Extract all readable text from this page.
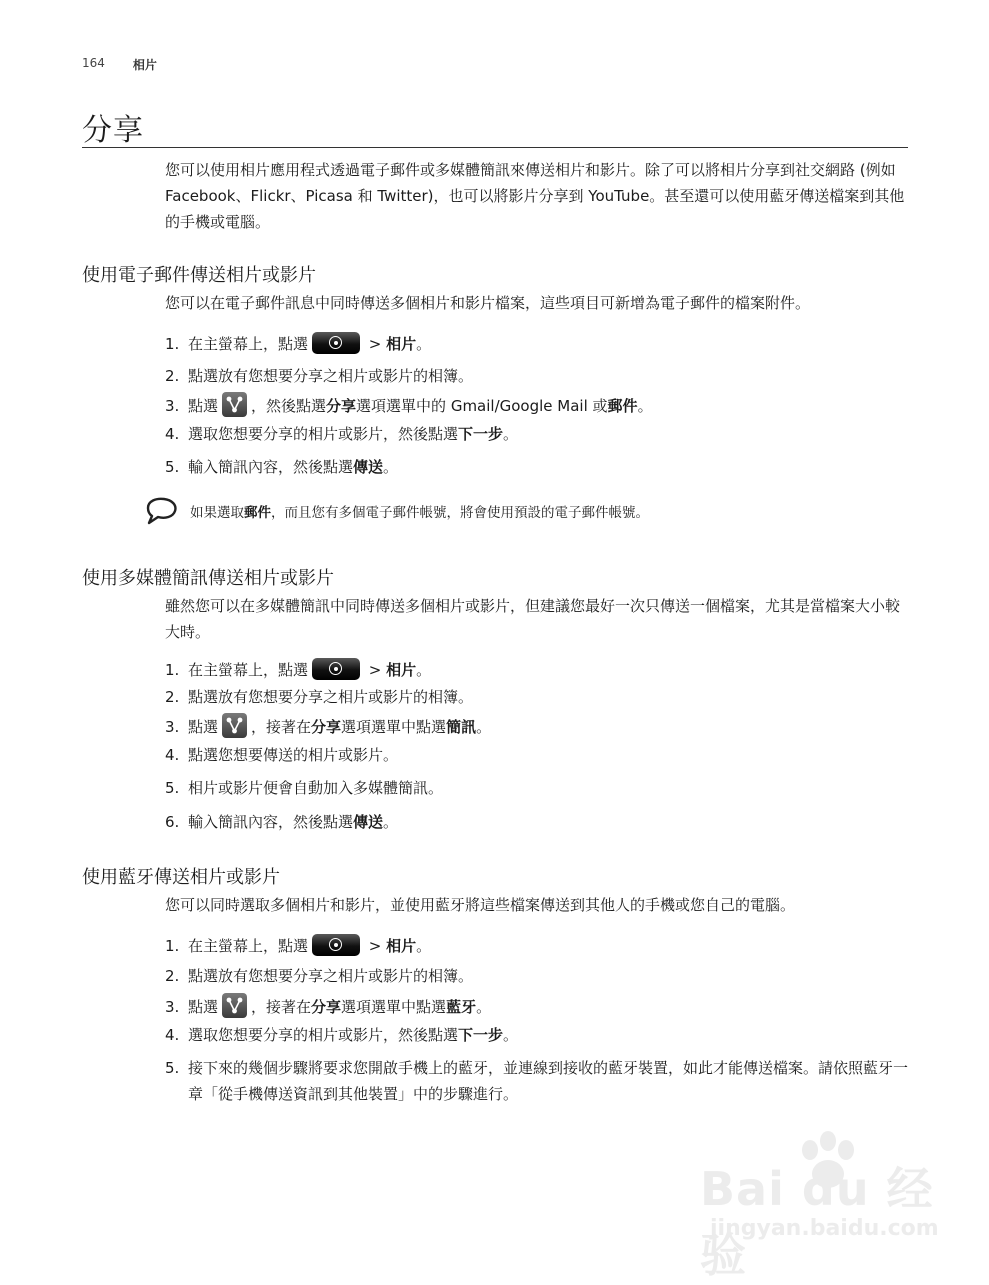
164 相片
分享

您可以使用相片應用程式透過電子郵件或多媒體簡訊來傳送相片和影片。除了可以將相片分享到社交網路 (例如 Facebook、Flickr、Picasa 和 Twitter)，也可以將影片分享到 YouTube。甚至還可以使用藍牙傳送檔案到其他的手機或電腦。

使用電子郵件傳送相片或影片

您可以在電子郵件訊息中同時傳送多個相片和影片檔案，這些項目可新增為電子郵件的檔案附件。

1. 在主螢幕上，點選	> 相片。
2. 點選放有您想要分享之相片或影片的相簿。
3. 點選 ，然後點選分享選項選單中的 Gmail/Google Mail 或郵件。
4. 選取您想要分享的相片或影片，然後點選下一步。
5. 輸入簡訊內容，然後點選傳送。
如果選取郵件，而且您有多個電子郵件帳號，將會使用預設的電子郵件帳號。
使用多媒體簡訊傳送相片或影片

雖然您可以在多媒體簡訊中同時傳送多個相片或影片，但建議您最好一次只傳送一個檔案，尤其是當檔案大小較大時。

1. 在主螢幕上，點選	> 相片。
2. 點選放有您想要分享之相片或影片的相簿。
3. 點選 ，接著在分享選項選單中點選簡訊。
4. 點選您想要傳送的相片或影片。
5. 相片或影片便會自動加入多媒體簡訊。
6. 輸入簡訊內容，然後點選傳送。
使用藍牙傳送相片或影片

您可以同時選取多個相片和影片，並使用藍牙將這些檔案傳送到其他人的手機或您自己的電腦。

1. 在主螢幕上，點選	> 相片。
2. 點選放有您想要分享之相片或影片的相簿。
3. 點選 ，接著在分享選項選單中點選藍牙。
4. 選取您想要分享的相片或影片，然後點選下一步。
5. 接下來的幾個步驟將要求您開啟手機上的藍牙，並連線到接收的藍牙裝置，如此才能傳送檔案。請依照藍牙一章「從手機傳送資訊到其他裝置」中的步驟進行。
Bai du 经验
jingyan.baidu.com
